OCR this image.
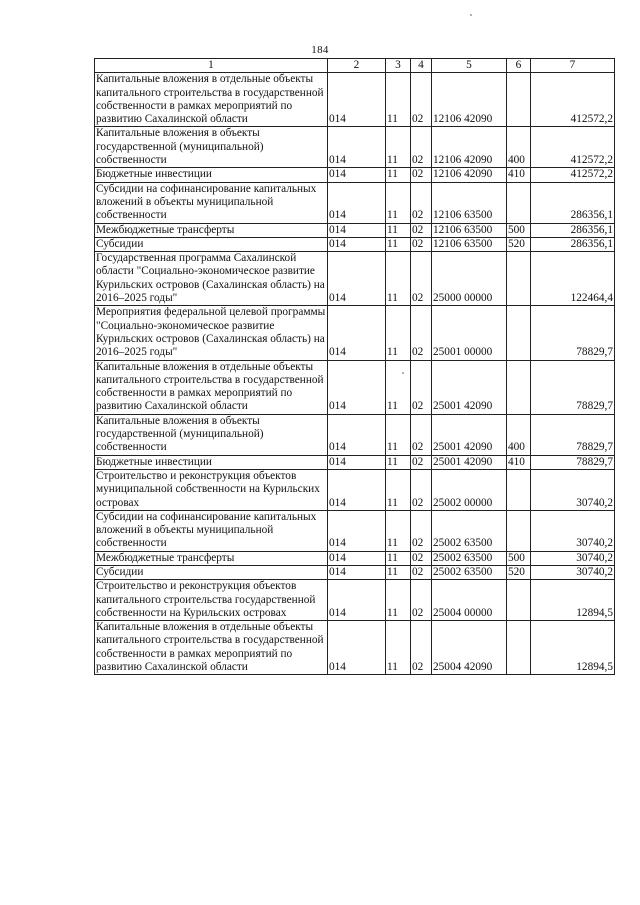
184
1	2	3	4	5	6	7
Капитальные вложения в отдельные объекты капитального строительства в государственной собственности в рамках мероприятий по развитию Сахалинской области	014	11	02	12106 42090		412572,2
Капитальные вложения в объекты государственной (муниципальной) собственности	014	11	02	12106 42090	400	412572,2
Бюджетные инвестиции	014	11	02	12106 42090	410	412572,2
Субсидии на софинансирование капитальных вложений в объекты муниципальной собственности	014	11	02	12106 63500		286356,1
Межбюджетные трансферты	014	11	02	12106 63500	500	286356,1
Субсидии	014	11	02	12106 63500	520	286356,1
Государственная программа Сахалинской области "Социально-экономическое развитие Курильских островов (Сахалинская область) на 2016–2025 годы"	014	11	02	25000 00000		122464,4
Мероприятия федеральной целевой программы "Социально-экономическое развитие Курильских островов (Сахалинская область) на 2016–2025 годы"	014	11	02	25001 00000		78829,7
Капитальные вложения в отдельные объекты капитального строительства в государственной собственности в рамках мероприятий по развитию Сахалинской области	014	11	02	25001 42090		78829,7
Капитальные вложения в объекты государственной (муниципальной) собственности	014	11	02	25001 42090	400	78829,7
Бюджетные инвестиции	014	11	02	25001 42090	410	78829,7
Строительство и реконструкция объектов муниципальной собственности на Курильских островах	014	11	02	25002 00000		30740,2
Субсидии на софинансирование капитальных вложений в объекты муниципальной собственности	014	11	02	25002 63500		30740,2
Межбюджетные трансферты	014	11	02	25002 63500	500	30740,2
Субсидии	014	11	02	25002 63500	520	30740,2
Строительство и реконструкция объектов капитального строительства государственной собственности на Курильских островах	014	11	02	25004 00000		12894,5
Капитальные вложения в отдельные объекты капитального строительства в государственной собственности в рамках мероприятий по развитию Сахалинской области	014	11	02	25004 42090		12894,5
